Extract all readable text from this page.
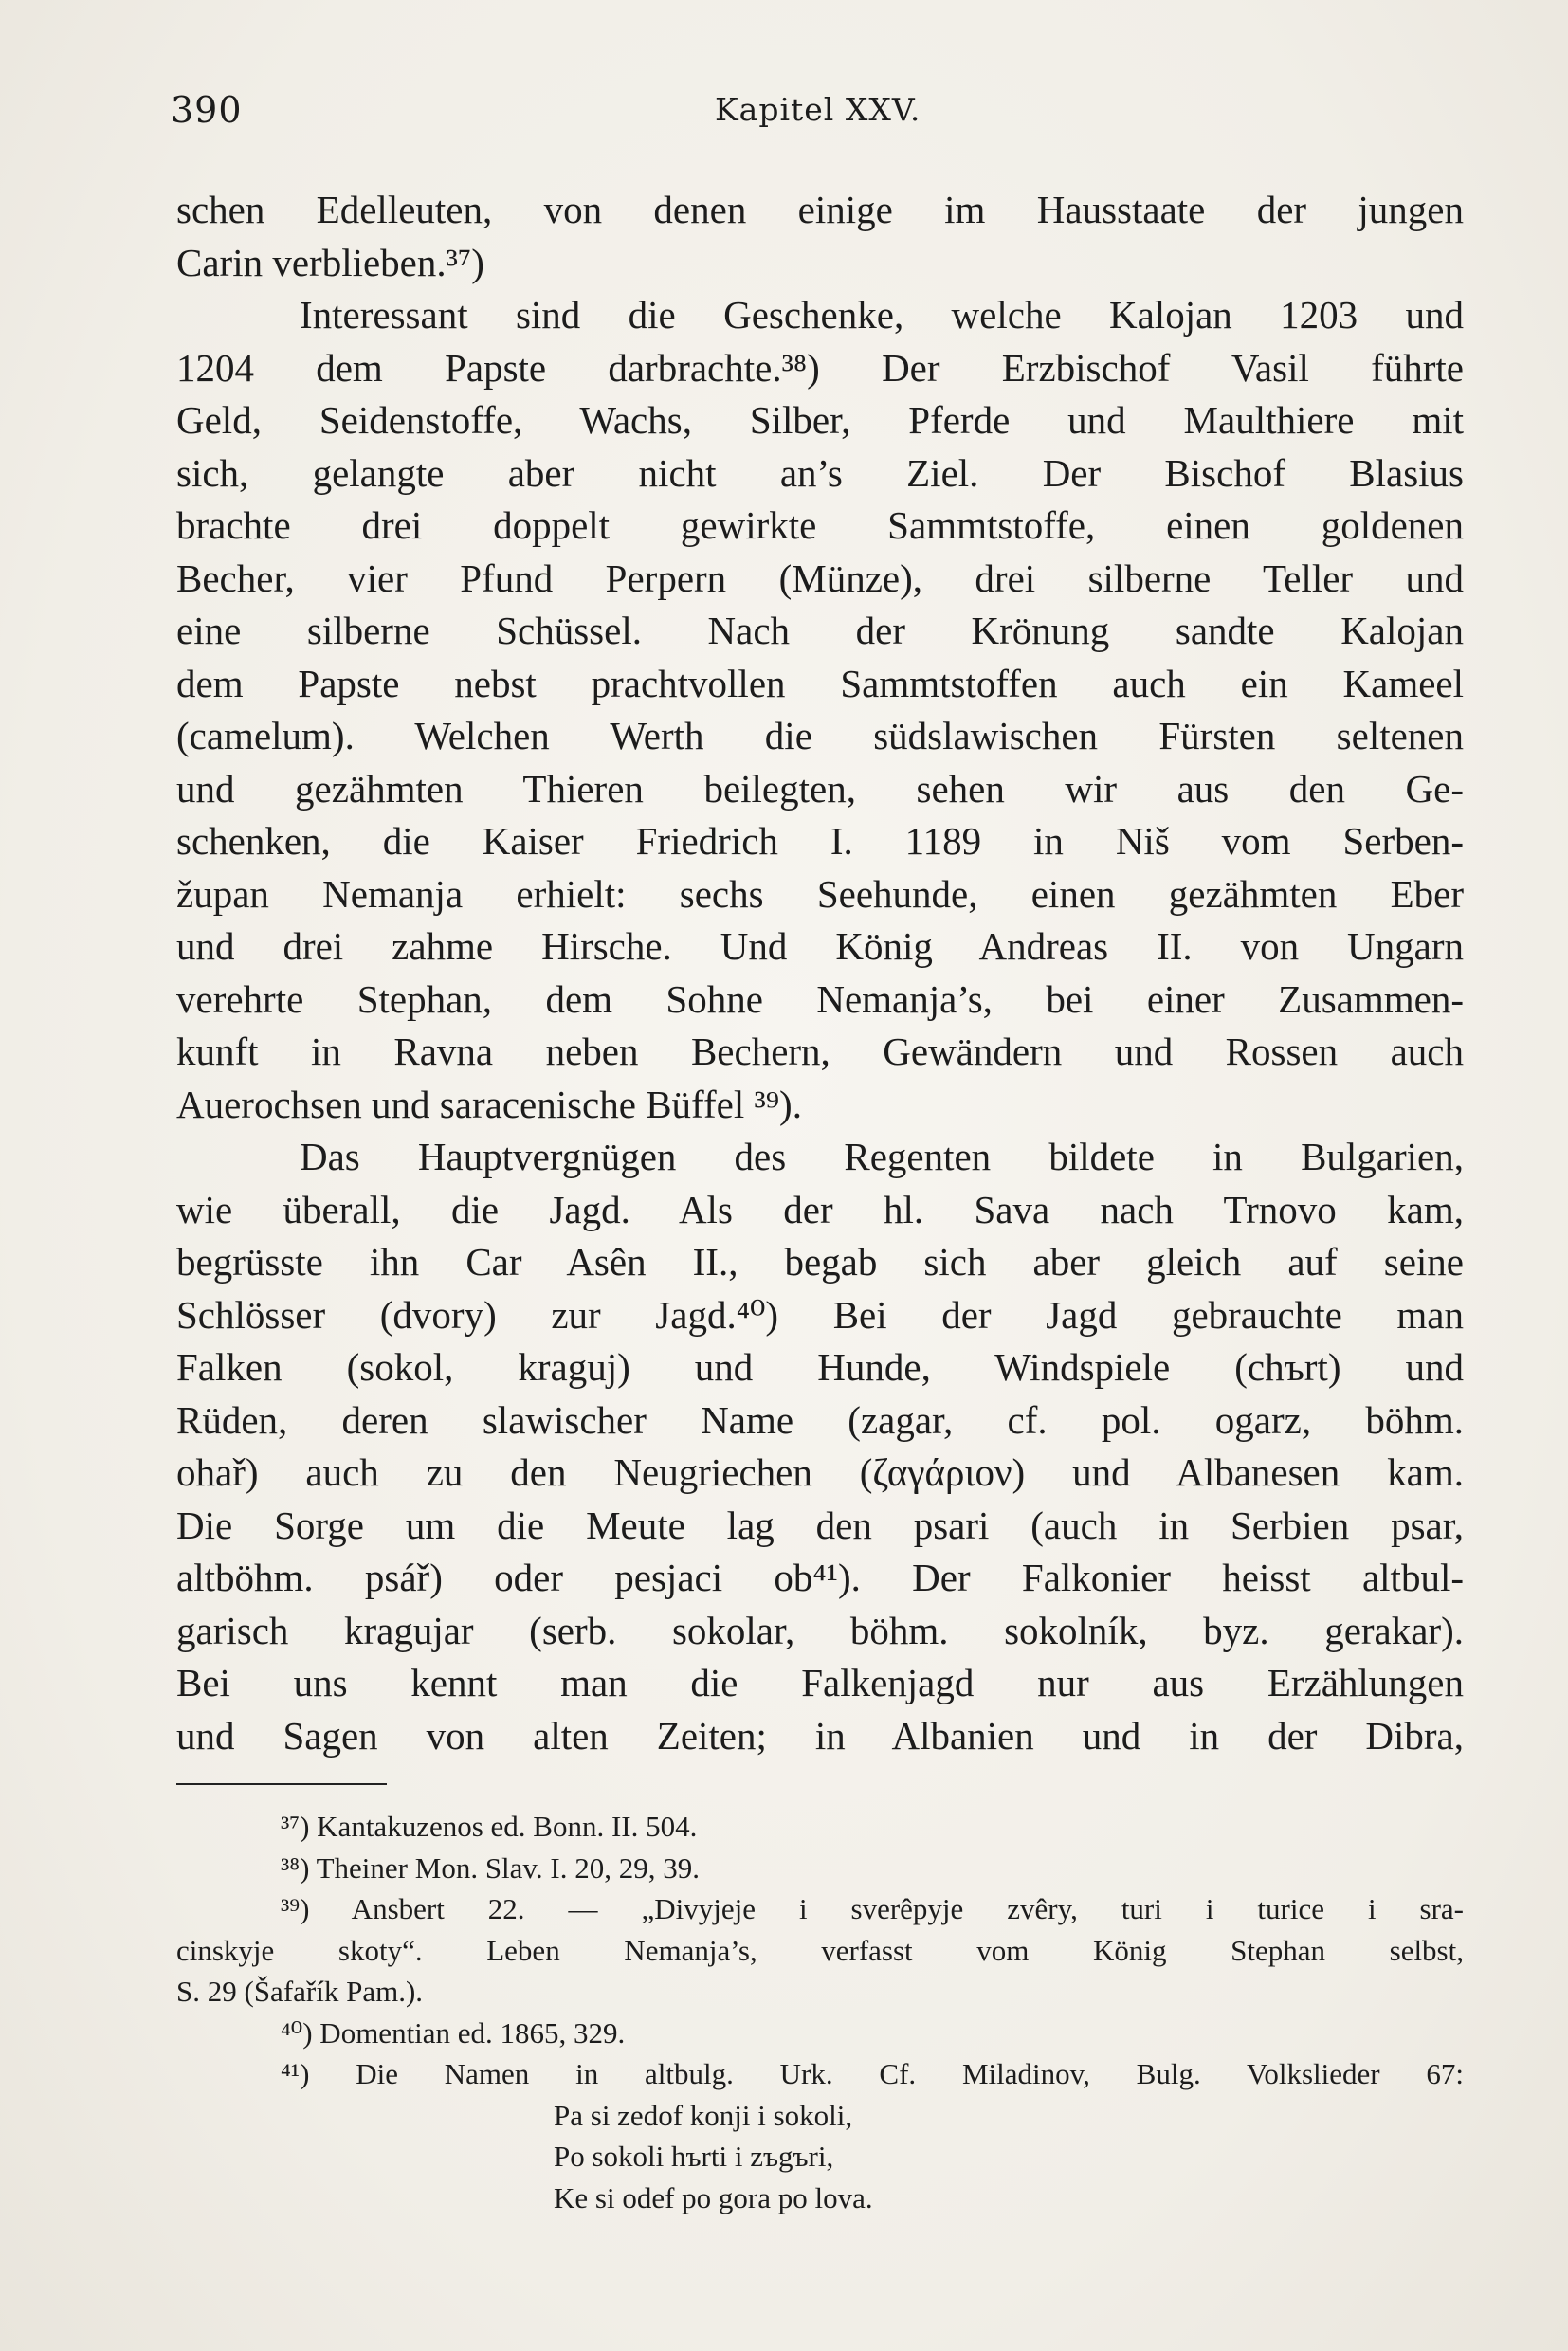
390	Kapitel XXV.
schen Edelleuten, von denen einige im Hausstaate der jungen
Carin verblieben.³⁷)
Interessant sind die Geschenke, welche Kalojan 1203 und
1204 dem Papste darbrachte.³⁸) Der Erzbischof Vasil führte
Geld, Seidenstoffe, Wachs, Silber, Pferde und Maulthiere mit
sich, gelangte aber nicht an’s Ziel. Der Bischof Blasius
brachte drei doppelt gewirkte Sammtstoffe, einen goldenen
Becher, vier Pfund Perpern (Münze), drei silberne Teller und
eine silberne Schüssel. Nach der Krönung sandte Kalojan
dem Papste nebst prachtvollen Sammtstoffen auch ein Kameel
(camelum). Welchen Werth die südslawischen Fürsten seltenen
und gezähmten Thieren beilegten, sehen wir aus den Ge-
schenken, die Kaiser Friedrich I. 1189 in Niš vom Serben-
župan Nemanja erhielt: sechs Seehunde, einen gezähmten Eber
und drei zahme Hirsche. Und König Andreas II. von Ungarn
verehrte Stephan, dem Sohne Nemanja’s, bei einer Zusammen-
kunft in Ravna neben Bechern, Gewändern und Rossen auch
Auerochsen und saracenische Büffel ³⁹).
Das Hauptvergnügen des Regenten bildete in Bulgarien,
wie überall, die Jagd. Als der hl. Sava nach Trnovo kam,
begrüsste ihn Car Asên II., begab sich aber gleich auf seine
Schlösser (dvory) zur Jagd.⁴⁰) Bei der Jagd gebrauchte man
Falken (sokol, kraguj) und Hunde, Windspiele (chъrt) und
Rüden, deren slawischer Name (zagar, cf. pol. ogarz, böhm.
ohař) auch zu den Neugriechen (ζαγάριον) und Albanesen kam.
Die Sorge um die Meute lag den psari (auch in Serbien psar,
altböhm. psář) oder pesjaci ob⁴¹). Der Falkonier heisst altbul-
garisch kragujar (serb. sokolar, böhm. sokolník, byz. gerakar).
Bei uns kennt man die Falkenjagd nur aus Erzählungen
und Sagen von alten Zeiten; in Albanien und in der Dibra,
³⁷) Kantakuzenos ed. Bonn. II. 504.
³⁸) Theiner Mon. Slav. I. 20, 29, 39.
³⁹) Ansbert 22. — „Divyjeje i sverêpyje zvêry, turi i turice i sra-
cinskyje skoty“. Leben Nemanja’s, verfasst vom König Stephan selbst,
S. 29 (Šafařík Pam.).
⁴⁰) Domentian ed. 1865, 329.
⁴¹) Die Namen in altbulg. Urk. Cf. Miladinov, Bulg. Volkslieder 67:
Pa si zedof konji i sokoli,
Po sokoli hъrti i zъgъri,
Ke si odef po gora po lova.
